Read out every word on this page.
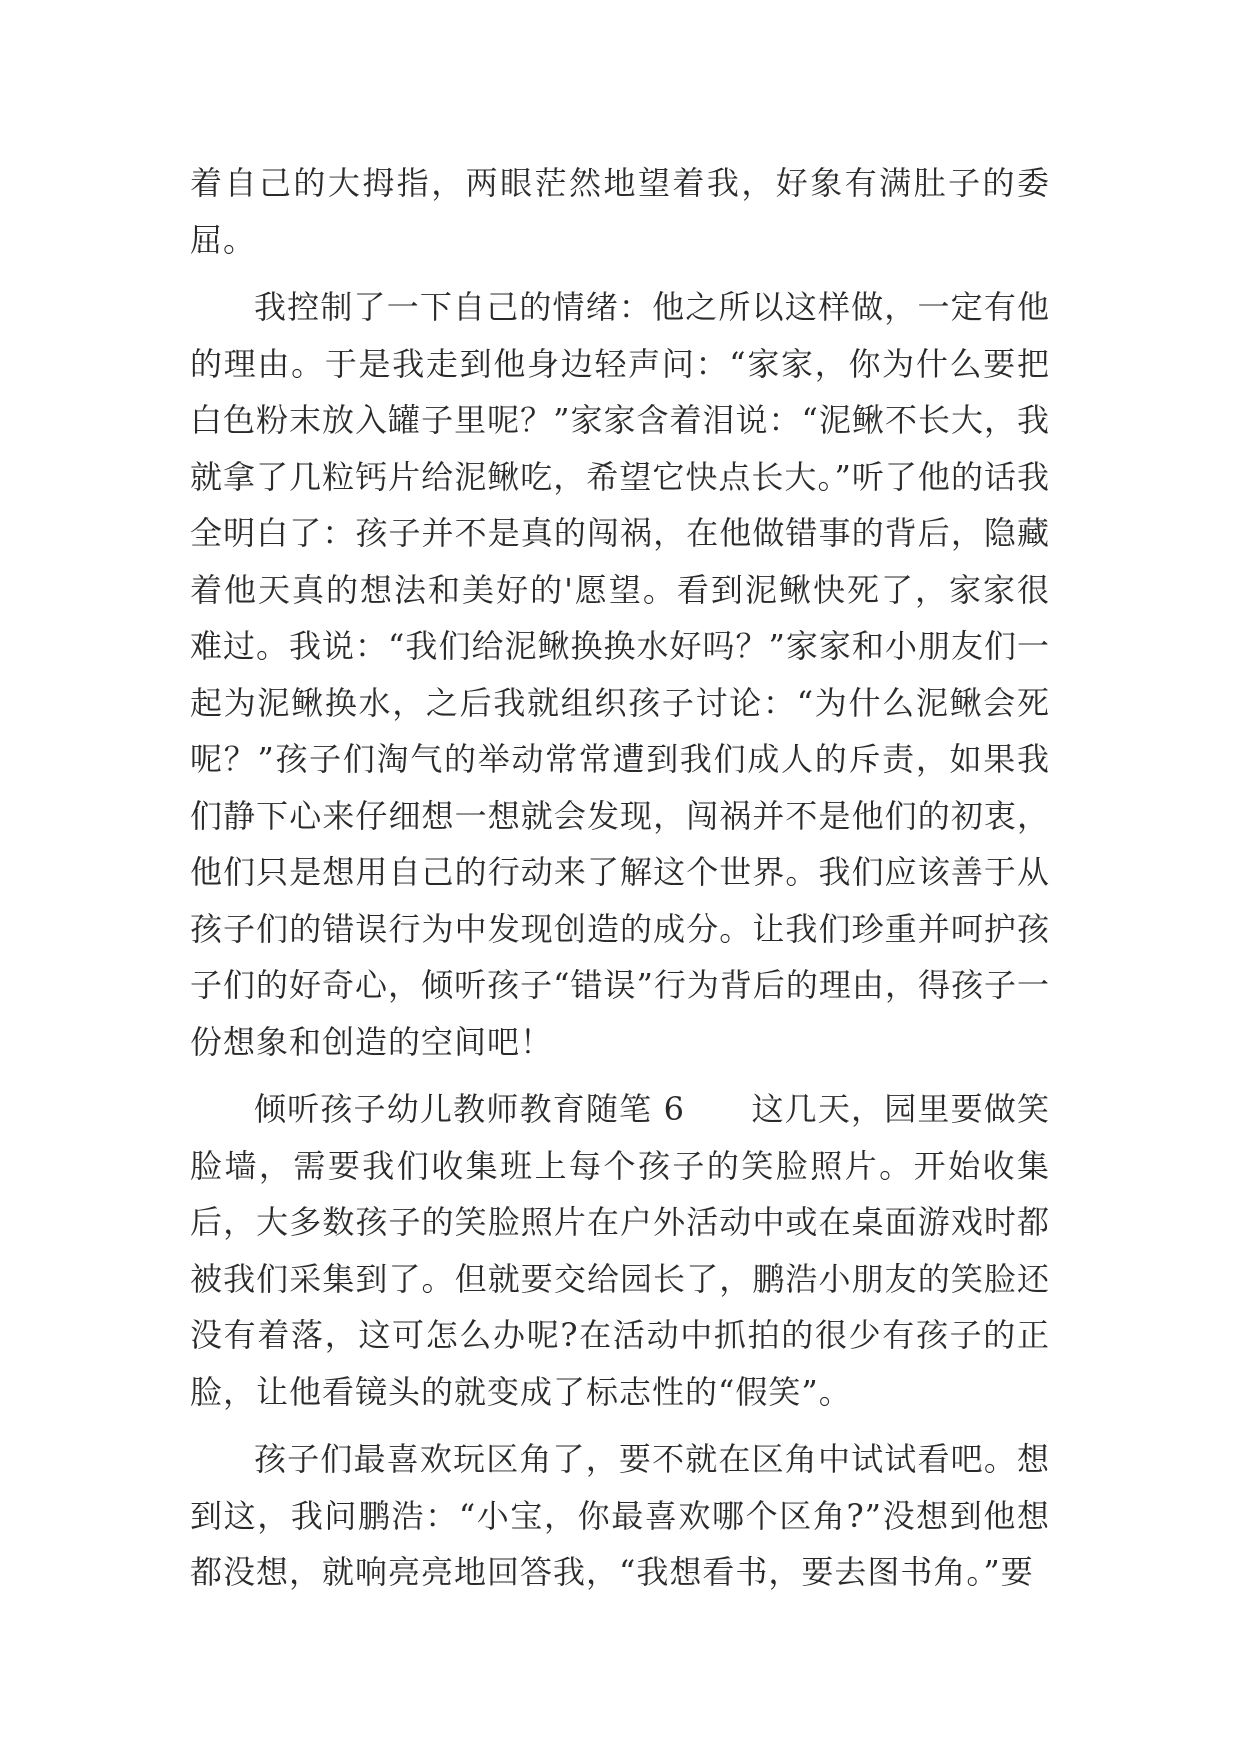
着自己的大拇指，两眼茫然地望着我，好象有满肚子的委屈。

我控制了一下自己的情绪：他之所以这样做，一定有他的理由。于是我走到他身边轻声问：“家家，你为什么要把白色粉末放入罐子里呢？”家家含着泪说：“泥鳅不长大，我就拿了几粒钙片给泥鳅吃，希望它快点长大。”听了他的话我全明白了：孩子并不是真的闯祸，在他做错事的背后，隐藏着他天真的想法和美好的'愿望。看到泥鳅快死了，家家很难过。我说：“我们给泥鳅换换水好吗？”家家和小朋友们一起为泥鳅换水，之后我就组织孩子讨论：“为什么泥鳅会死呢？”孩子们淘气的举动常常遭到我们成人的斥责，如果我们静下心来仔细想一想就会发现，闯祸并不是他们的初衷，他们只是想用自己的行动来了解这个世界。我们应该善于从孩子们的错误行为中发现创造的成分。让我们珍重并呵护孩子们的好奇心，倾听孩子“错误”行为背后的理由，得孩子一份想象和创造的空间吧！

倾听孩子幼儿教师教育随笔 6　　这几天，园里要做笑脸墙，需要我们收集班上每个孩子的笑脸照片。开始收集后，大多数孩子的笑脸照片在户外活动中或在桌面游戏时都被我们采集到了。但就要交给园长了，鹏浩小朋友的笑脸还没有着落，这可怎么办呢?在活动中抓拍的很少有孩子的正脸，让他看镜头的就变成了标志性的“假笑”。

孩子们最喜欢玩区角了，要不就在区角中试试看吧。想到这，我问鹏浩：“小宝，你最喜欢哪个区角?”没想到他想都没想，就响亮亮地回答我，“我想看书，要去图书角。”要
